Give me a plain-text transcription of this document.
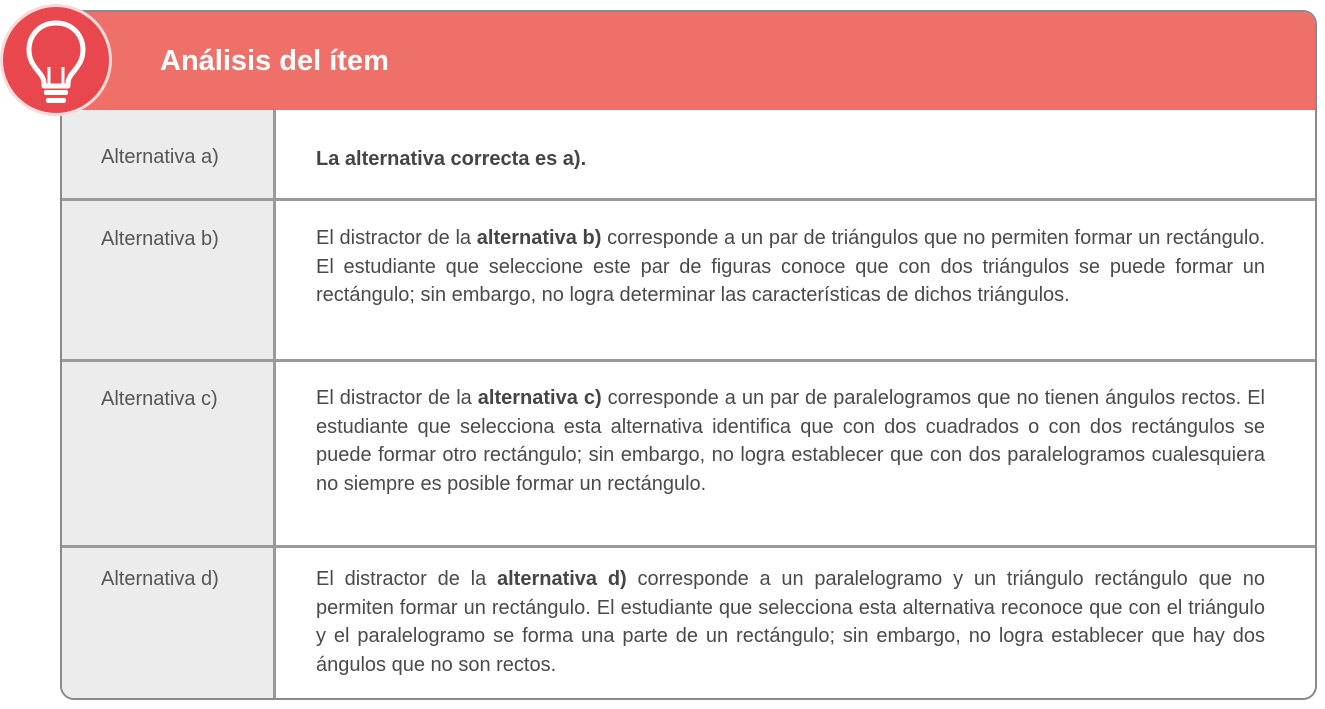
Análisis del ítem
Alternativa a)	La alternativa correcta es a).
Alternativa b)	El distractor de la alternativa b) corresponde a un par de triángulos que no permiten formar un rectángulo. El estudiante que seleccione este par de figuras conoce que con dos triángulos se puede formar un rectángulo; sin embargo, no logra determinar las características de dichos triángulos.
Alternativa c)	El distractor de la alternativa c) corresponde a un par de paralelogramos que no tienen ángulos rectos. El estudiante que selecciona esta alternativa identifica que con dos cuadrados o con dos rectángulos se puede formar otro rectángulo; sin embargo, no logra establecer que con dos paralelogramos cualesquiera no siempre es posible formar un rectángulo.
Alternativa d)	El distractor de la alternativa d) corresponde a un paralelogramo y un triángulo rectángulo que no permiten formar un rectángulo. El estudiante que selecciona esta alternativa reconoce que con el triángulo y el paralelogramo se forma una parte de un rectángulo; sin embargo, no logra establecer que hay dos ángulos que no son rectos.
